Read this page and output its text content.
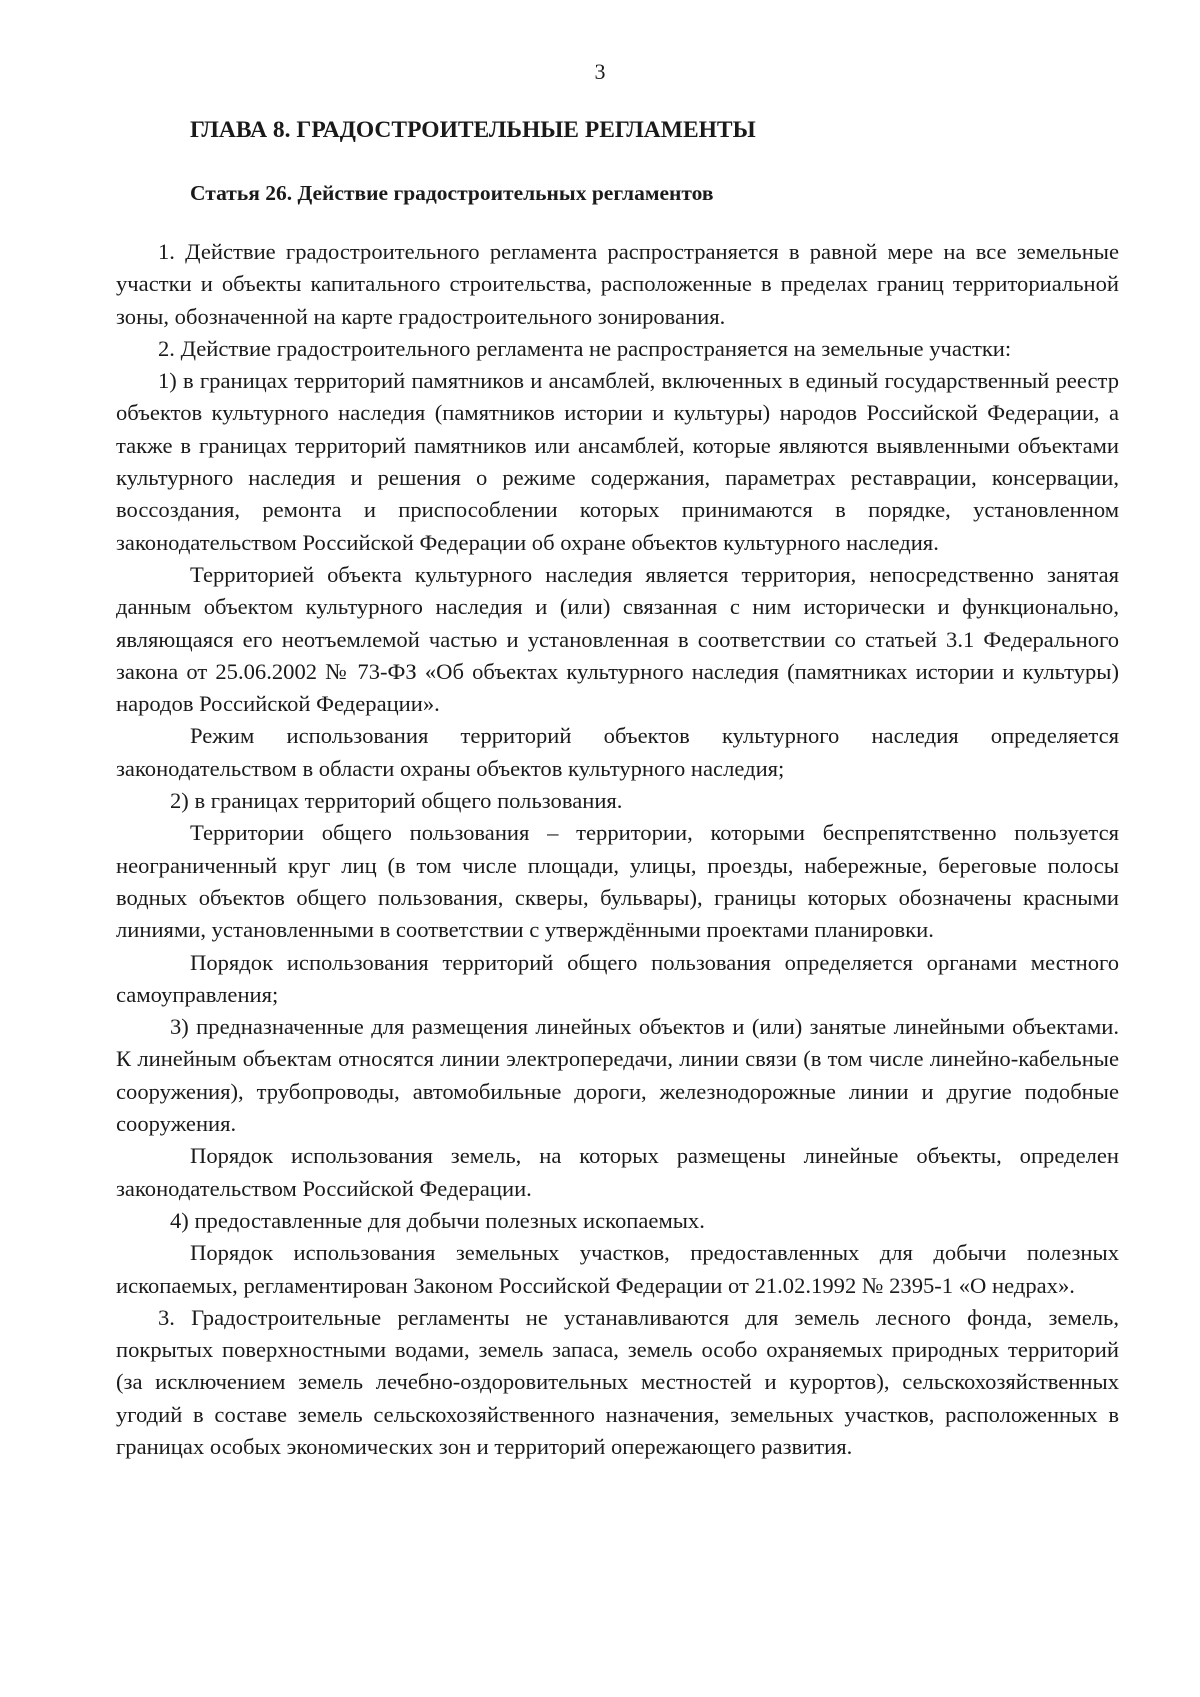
3
ГЛАВА 8. ГРАДОСТРОИТЕЛЬНЫЕ РЕГЛАМЕНТЫ
Статья 26. Действие градостроительных регламентов

1. Действие градостроительного регламента распространяется в равной мере на все земельные участки и объекты капитального строительства, расположенные в пределах границ территориальной зоны, обозначенной на карте градостроительного зонирования.

2. Действие градостроительного регламента не распространяется на земельные участки:

1) в границах территорий памятников и ансамблей, включенных в единый государственный реестр объектов культурного наследия (памятников истории и культуры) народов Российской Федерации, а также в границах территорий памятников или ансамблей, которые являются выявленными объектами культурного наследия и решения о режиме содержания, параметрах реставрации, консервации, воссоздания, ремонта и приспособлении которых принимаются в порядке, установленном законодательством Российской Федерации об охране объектов культурного наследия.

Территорией объекта культурного наследия является территория, непосредственно занятая данным объектом культурного наследия и (или) связанная с ним исторически и функционально, являющаяся его неотъемлемой частью и установленная в соответствии со статьей 3.1 Федерального закона от 25.06.2002 № 73-ФЗ «Об объектах культурного наследия (памятниках истории и культуры) народов Российской Федерации».

Режим использования территорий объектов культурного наследия определяется законодательством в области охраны объектов культурного наследия;

2) в границах территорий общего пользования.

Территории общего пользования – территории, которыми беспрепятственно пользуется неограниченный круг лиц (в том числе площади, улицы, проезды, набережные, береговые полосы водных объектов общего пользования, скверы, бульвары), границы которых обозначены красными линиями, установленными в соответствии с утверждёнными проектами планировки.

Порядок использования территорий общего пользования определяется органами местного самоуправления;

3) предназначенные для размещения линейных объектов и (или) занятые линейными объектами. К линейным объектам относятся линии электропередачи, линии связи (в том числе линейно-кабельные сооружения), трубопроводы, автомобильные дороги, железнодорожные линии и другие подобные сооружения.

Порядок использования земель, на которых размещены линейные объекты, определен законодательством Российской Федерации.

4) предоставленные для добычи полезных ископаемых.

Порядок использования земельных участков, предоставленных для добычи полезных ископаемых, регламентирован Законом Российской Федерации от 21.02.1992 № 2395-1 «О недрах».

3. Градостроительные регламенты не устанавливаются для земель лесного фонда, земель, покрытых поверхностными водами, земель запаса, земель особо охраняемых природных территорий (за исключением земель лечебно-оздоровительных местностей и курортов), сельскохозяйственных угодий в составе земель сельскохозяйственного назначения, земельных участков, расположенных в границах особых экономических зон и территорий опережающего развития.
